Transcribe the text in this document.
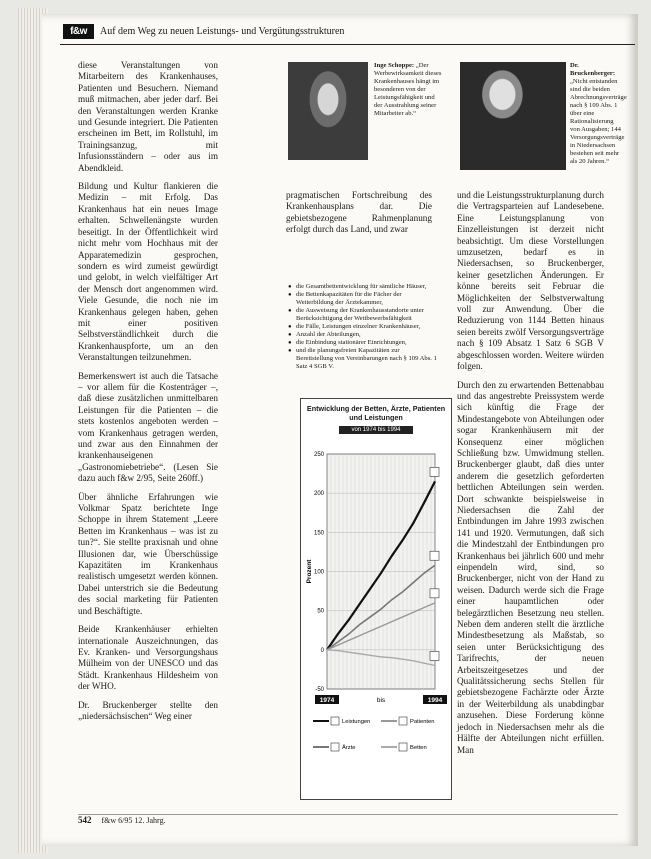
f&w	Auf dem Weg zu neuen Leistungs- und Vergütungsstrukturen

diese Veranstaltungen von Mitarbeitern des Krankenhauses, Patienten und Besuchern. Niemand muß mitmachen, aber jeder darf. Bei den Veranstaltungen werden Kranke und Gesunde integriert. Die Patienten erscheinen im Bett, im Rollstuhl, im Trainingsanzug, mit Infusionsständern – oder aus im Abendkleid.

Bildung und Kultur flankieren die Medizin – mit Erfolg. Das Krankenhaus hat ein neues Image erhalten. Schwellenängste wurden beseitigt. In der Öffentlichkeit wird nicht mehr vom Hochhaus mit der Apparatemedizin gesprochen, sondern es wird zumeist gewürdigt und gelobt, in welch vielfältiger Art der Mensch dort angenommen wird. Viele Gesunde, die noch nie im Krankenhaus gelegen haben, gehen mit einer positiven Selbstverständlichkeit durch die Krankenhauspforte, um an den Veranstaltungen teilzunehmen.

Bemerkenswert ist auch die Tatsache – vor allem für die Kostenträger –, daß diese zusätzlichen unmittelbaren Leistungen für die Patienten – die stets kostenlos angeboten werden – vom Krankenhaus getragen werden, und zwar aus den Einnahmen der krankenhauseigenen „Gastronomiebetriebe“. (Lesen Sie dazu auch f&w 2/95, Seite 260ff.)

Über ähnliche Erfahrungen wie Volkmar Spatz berichtete Inge Schoppe in ihrem Statement „Leere Betten im Krankenhaus – was ist zu tun?“. Sie stellte praxisnah und ohne Illusionen dar, wie Überschüssige Kapazitäten im Krankenhaus realistisch umgesetzt werden können. Dabei unterstrich sie die Bedeutung des social marketing für Patienten und Beschäftigte.

Beide Krankenhäuser erhielten internationale Auszeichnungen, das Ev. Kranken- und Versorgungshaus Mülheim von der UNESCO und das Städt. Krankenhaus Hildesheim von der WHO.

Dr. Bruckenberger stellte den „niedersächsischen“ Weg einer

Inge Schoppe: „Der Werbewirksamkeit dieses Krankenhauses hängt im besonderen von der Leistungsfähigkeit und der Ausstrahlung seiner Mitarbeiter ab.“
Dr. Bruckenberger: „Nicht entstanden sind die beiden Abrechnungsverträge nach § 109 Abs. 1 über eine Rationalisierung von Ausgaben; 144 Versorgungsverträge in Niedersachsen bestehen seit mehr als 20 Jahren.“

pragmatischen Fortschreibung des Krankenhausplans dar. Die gebietsbezogene Rahmenplanung erfolgt durch das Land, und zwar

● die Gesamtbettentwicklung für sämtliche Häuser,
● die Bettenkapazitäten für die Fächer der Weiterbildung der Ärztekammer,
● die Ausweisung der Krankenhausstandorte unter Berücksichtigung der Wettbewerbsfähigkeit
● die Fälle, Leistungen einzelner Krankenhäuser,
● Anzahl der Abteilungen,
● die Einbindung stationärer Einrichtungen,
● und die planungsfreien Kapazitäten zur Bereitstellung von Vereinbarungen nach § 109 Abs. 1 Satz 4 SGB V.
Entwicklung der Betten, Ärzte, Patienten und Leistungen
von 1974 bis 1994
-50
0
50
100
150
200
250
Prozent
1974	1994
bis
Leistungen	Patienten
Ärzte	Betten

und die Leistungsstrukturplanung durch die Vertragsparteien auf Landesebene. Eine Leistungsplanung von Einzelleistungen ist derzeit nicht beabsichtigt. Um diese Vorstellungen umzusetzen, bedarf es in Niedersachsen, so Bruckenberger, keiner gesetzlichen Änderungen. Er könne bereits seit Februar die Möglichkeiten der Selbstverwaltung voll zur Anwendung. Über die Reduzierung von 1144 Betten hinaus seien bereits zwölf Versorgungsverträge nach § 109 Absatz 1 Satz 6 SGB V abgeschlossen worden. Weitere würden folgen.

Durch den zu erwartenden Bettenabbau und das angestrebte Preissystem werde sich künftig die Frage der Mindestangebote von Abteilungen oder sogar Krankenhäusern mit der Konsequenz einer möglichen Schließung bzw. Umwidmung stellen. Bruckenberger glaubt, daß dies unter anderem die gesetzlich geforderten bettlichen Abteilungen sein werden. Dort schwankte beispielsweise in Niedersachsen die Zahl der Entbindungen im Jahre 1993 zwischen 141 und 1920. Vermutungen, daß sich die Mindestzahl der Entbindungen pro Krankenhaus bei jährlich 600 und mehr einpendeln wird, sind, so Bruckenberger, nicht von der Hand zu weisen. Dadurch werde sich die Frage einer haupamtlichen oder belegärztlichen Besetzung neu stellen. Neben dem anderen stellt die ärztliche Mindestbesetzung als Maßstab, so seien unter Berücksichtigung des Tarifrechts, der neuen Arbeitszeitgesetzes und der Qualitätssicherung sechs Stellen für gebietsbezogene Fachärzte oder Ärzte in der Weiterbildung als unabdingbar anzusehen. Diese Forderung könne jedoch in Niedersachsen mehr als die Hälfte der Abteilungen nicht erfüllen. Man

542 f&w 6/95 12. Jahrg.
